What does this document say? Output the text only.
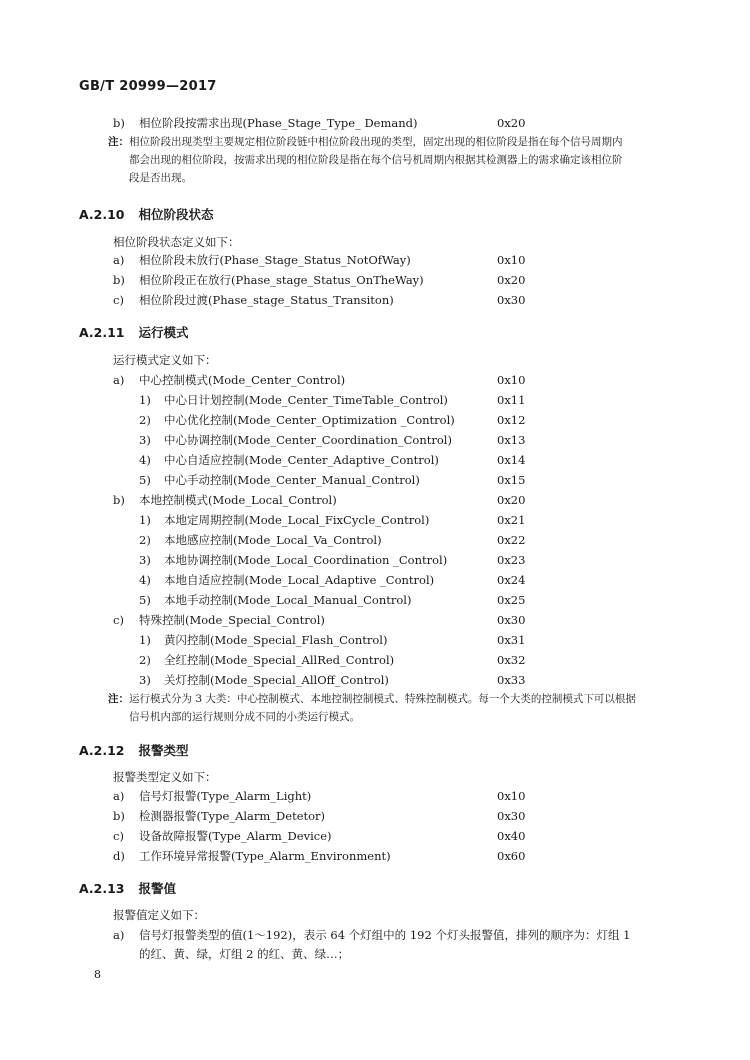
GB/T 20999—2017
b) 相位阶段按需求出现(Phase_Stage_Type_ Demand)	0x20
注：相位阶段出现类型主要规定相位阶段链中相位阶段出现的类型，固定出现的相位阶段是指在每个信号周期内
都会出现的相位阶段，按需求出现的相位阶段是指在每个信号机周期内根据其检测器上的需求确定该相位阶
段是否出现。
A.2.10 相位阶段状态
相位阶段状态定义如下：
a) 相位阶段未放行(Phase_Stage_Status_NotOfWay)	0x10
b) 相位阶段正在放行(Phase_stage_Status_OnTheWay)	0x20
c) 相位阶段过渡(Phase_stage_Status_Transiton)	0x30
A.2.11 运行模式
运行模式定义如下：
a) 中心控制模式(Mode_Center_Control)	0x10
1) 中心日计划控制(Mode_Center_TimeTable_Control)	0x11
2) 中心优化控制(Mode_Center_Optimization _Control)	0x12
3) 中心协调控制(Mode_Center_Coordination_Control)	0x13
4) 中心自适应控制(Mode_Center_Adaptive_Control)	0x14
5) 中心手动控制(Mode_Center_Manual_Control)	0x15
b) 本地控制模式(Mode_Local_Control)	0x20
1) 本地定周期控制(Mode_Local_FixCycle_Control)	0x21
2) 本地感应控制(Mode_Local_Va_Control)	0x22
3) 本地协调控制(Mode_Local_Coordination _Control)	0x23
4) 本地自适应控制(Mode_Local_Adaptive _Control)	0x24
5) 本地手动控制(Mode_Local_Manual_Control)	0x25
c) 特殊控制(Mode_Special_Control)	0x30
1) 黄闪控制(Mode_Special_Flash_Control)	0x31
2) 全红控制(Mode_Special_AllRed_Control)	0x32
3) 关灯控制(Mode_Special_AllOff_Control)	0x33
注：运行模式分为 3 大类：中心控制模式、本地控制控制模式、特殊控制模式。每一个大类的控制模式下可以根据
信号机内部的运行规则分成不同的小类运行模式。
A.2.12 报警类型
报警类型定义如下：
a) 信号灯报警(Type_Alarm_Light)	0x10
b) 检测器报警(Type_Alarm_Detetor)	0x30
c) 设备故障报警(Type_Alarm_Device)	0x40
d) 工作环境异常报警(Type_Alarm_Environment)	0x60
A.2.13 报警值
报警值定义如下：
a) 信号灯报警类型的值(1～192)，表示 64 个灯组中的 192 个灯头报警值，排列的顺序为：灯组 1
的红、黄、绿，灯组 2 的红、黄、绿…；
8
